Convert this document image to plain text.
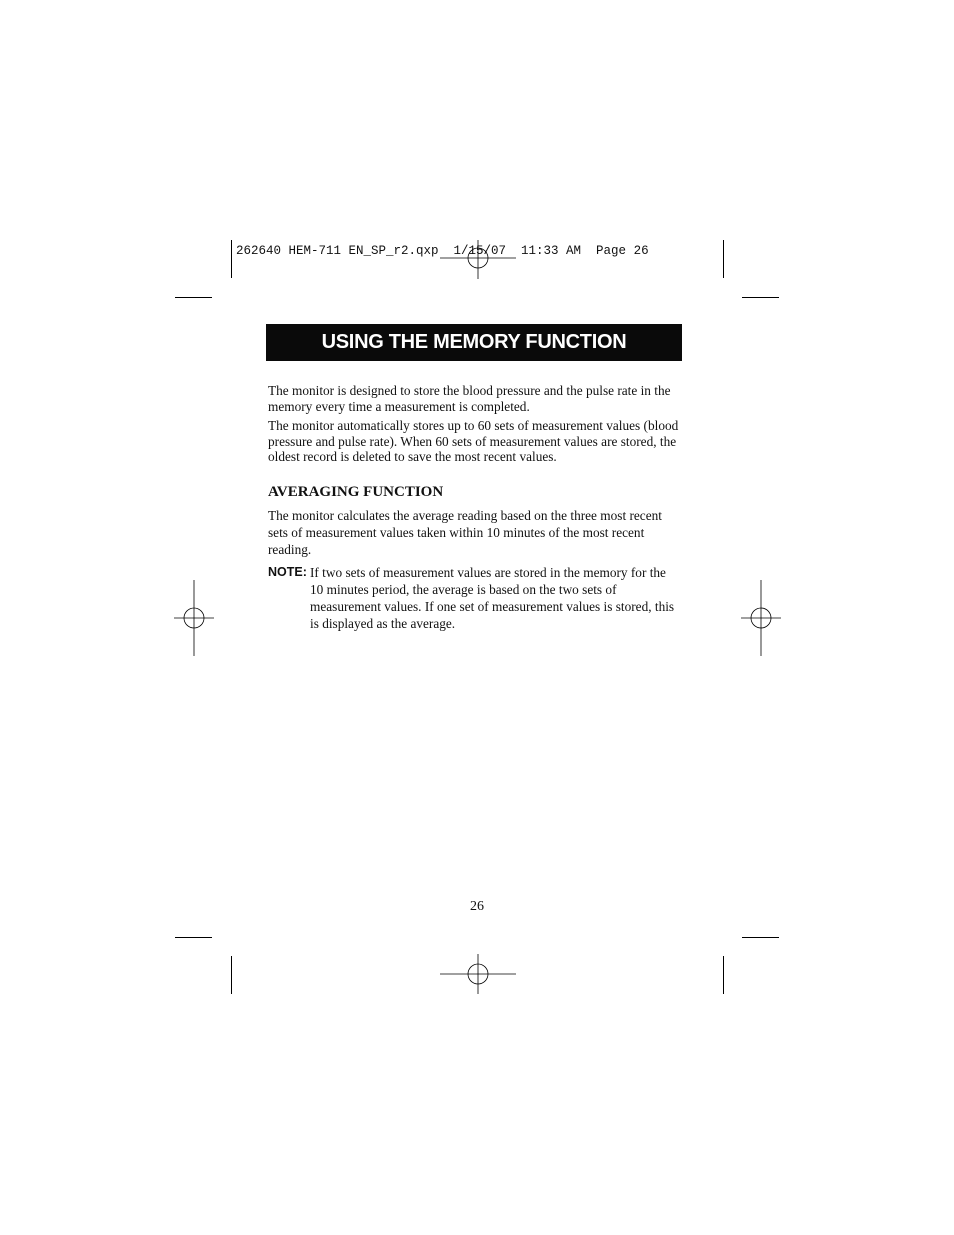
262640 HEM-711 EN_SP_r2.qxp  1/15/07  11:33 AM  Page 26
USING THE MEMORY FUNCTION

The monitor is designed to store the blood pressure and the pulse rate in the memory every time a measurement is completed.

The monitor automatically stores up to 60 sets of measurement values (blood pressure and pulse rate). When 60 sets of measurement values are stored, the oldest record is deleted to save the most recent values.

AVERAGING FUNCTION

The monitor calculates the average reading based on the three most recent sets of measurement values taken within 10 minutes of the most recent reading.

NOTE: If two sets of measurement values are stored in the memory for the 10 minutes period, the average is based on the two sets of measurement values. If one set of measurement values is stored, this is displayed as the average.
26
